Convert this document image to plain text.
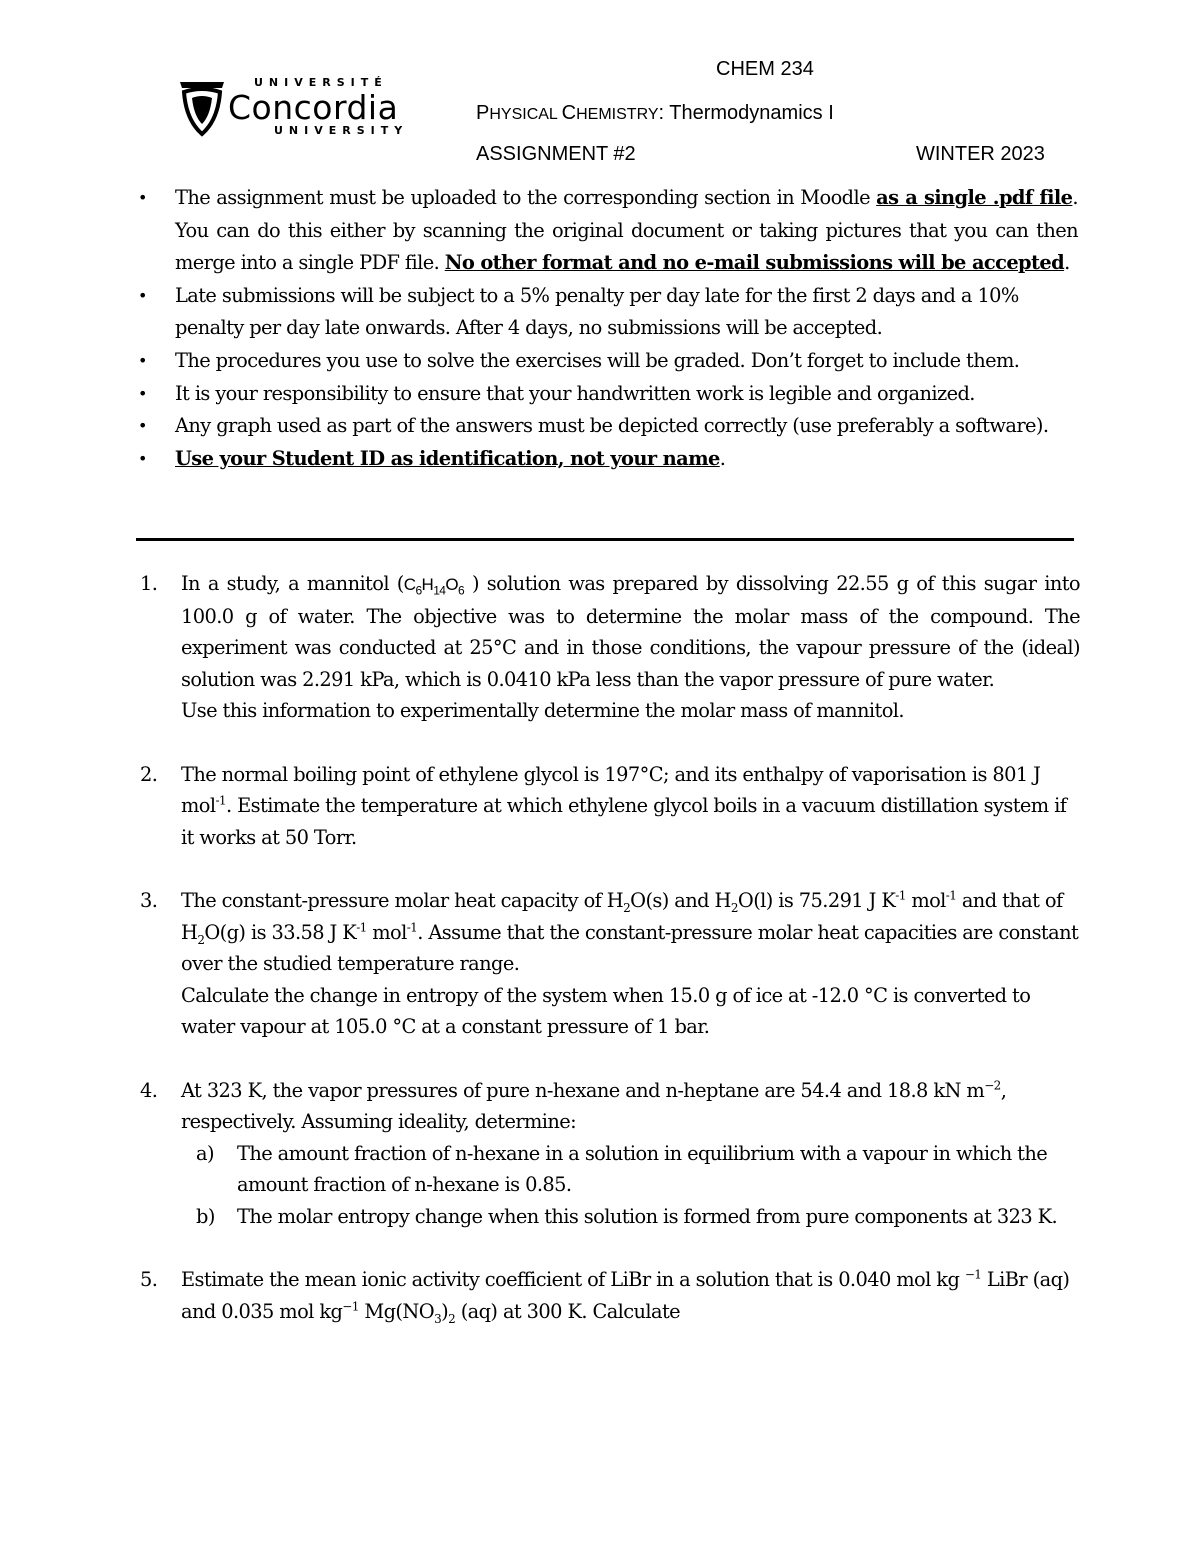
UNIVERSITÉ
Concordia
UNIVERSITY
CHEM 234
PHYSICAL CHEMISTRY: Thermodynamics I
ASSIGNMENT #2	WINTER 2023
• The assignment must be uploaded to the corresponding section in Moodle as a single .pdf file. You can do this either by scanning the original document or taking pictures that you can then merge into a single PDF file. No other format and no e-mail submissions will be accepted.
• Late submissions will be subject to a 5% penalty per day late for the first 2 days and a 10% penalty per day late onwards. After 4 days, no submissions will be accepted.
• The procedures you use to solve the exercises will be graded. Don’t forget to include them.
• It is your responsibility to ensure that your handwritten work is legible and organized.
• Any graph used as part of the answers must be depicted correctly (use preferably a software).
• Use your Student ID as identification, not your name.
1. In a study, a mannitol ($C_6H_{14}O_6$ ) solution was prepared by dissolving 22.55 g of this sugar into 100.0 g of water. The objective was to determine the molar mass of the compound. The experiment was conducted at 25°C and in those conditions, the vapour pressure of the (ideal) solution was 2.291 kPa, which is 0.0410 kPa less than the vapor pressure of pure water.

Use this information to experimentally determine the molar mass of mannitol.

2. The normal boiling point of ethylene glycol is 197°C; and its enthalpy of vaporisation is 801 J mol$^{-1}$. Estimate the temperature at which ethylene glycol boils in a vacuum distillation system if it works at 50 Torr.

3. The constant-pressure molar heat capacity of $H_2O(s)$ and $H_2O(l)$ is 75.291 J $K^{-1}$ mol$^{-1}$ and that of $H_2O(g)$ is 33.58 J $K^{-1}$ mol$^{-1}$. Assume that the constant-pressure molar heat capacities are constant over the studied temperature range.

Calculate the change in entropy of the system when 15.0 g of ice at -12.0 °C is converted to water vapour at 105.0 °C at a constant pressure of 1 bar.

4. At 323 K, the vapor pressures of pure n-hexane and n-heptane are 54.4 and 18.8 kN $m^{-2}$, respectively. Assuming ideality, determine:

a) The amount fraction of n-hexane in a solution in equilibrium with a vapour in which the amount fraction of n-hexane is 0.85.
b) The molar entropy change when this solution is formed from pure components at 323 K.
5. Estimate the mean ionic activity coefficient of LiBr in a solution that is 0.040 mol kg $^{-1}$ LiBr (aq) and 0.035 mol $kg^{-1}$ $Mg(NO_3)_2$ (aq) at 300 K. Calculate
